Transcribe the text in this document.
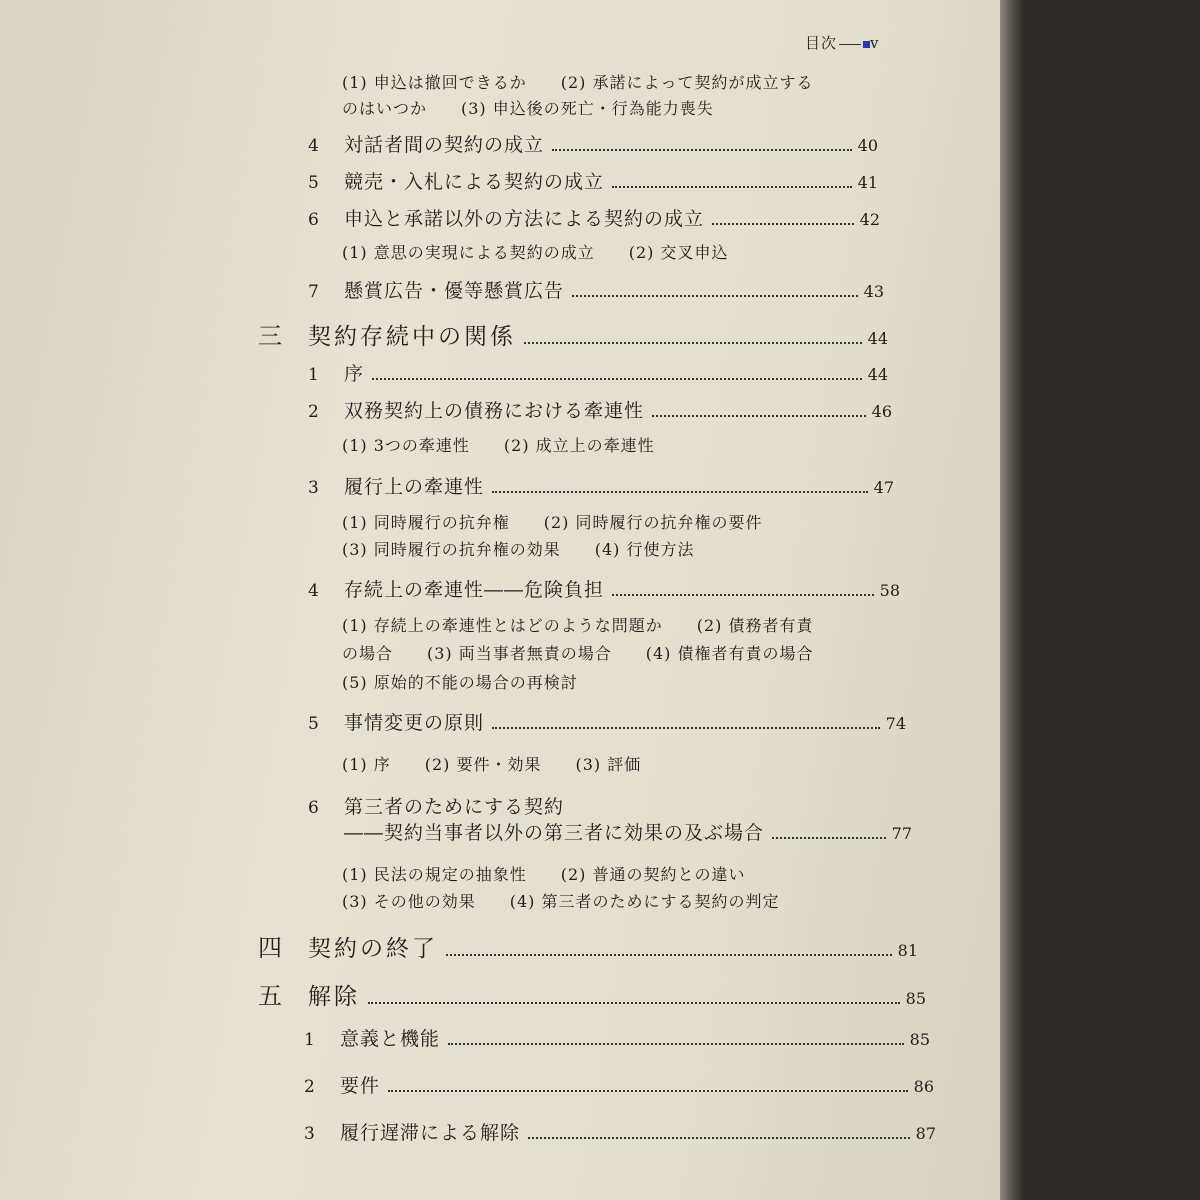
目次 v
(1) 申込は撤回できるか　　(2) 承諾によって契約が成立する
のはいつか　　(3) 申込後の死亡・行為能力喪失
4	対話者間の契約の成立	40
5	競売・入札による契約の成立	41
6	申込と承諾以外の方法による契約の成立	42
(1) 意思の実現による契約の成立　　(2) 交叉申込
7	懸賞広告・優等懸賞広告	43
三	契約存続中の関係	44
1	序	44
2	双務契約上の債務における牽連性	46
(1) 3つの牽連性　　(2) 成立上の牽連性
3	履行上の牽連性	47
(1) 同時履行の抗弁権　　(2) 同時履行の抗弁権の要件
(3) 同時履行の抗弁権の効果　　(4) 行使方法
4	存続上の牽連性――危険負担	58
(1) 存続上の牽連性とはどのような問題か　　(2) 債務者有責
の場合　　(3) 両当事者無責の場合　　(4) 債権者有責の場合
(5) 原始的不能の場合の再検討
5	事情変更の原則	74
(1) 序　　(2) 要件・効果　　(3) 評価
6	第三者のためにする契約
――契約当事者以外の第三者に効果の及ぶ場合	77
(1) 民法の規定の抽象性　　(2) 普通の契約との違い
(3) その他の効果　　(4) 第三者のためにする契約の判定
四	契約の終了	81
五	解除	85
1	意義と機能	85
2	要件	86
3	履行遅滞による解除	87
